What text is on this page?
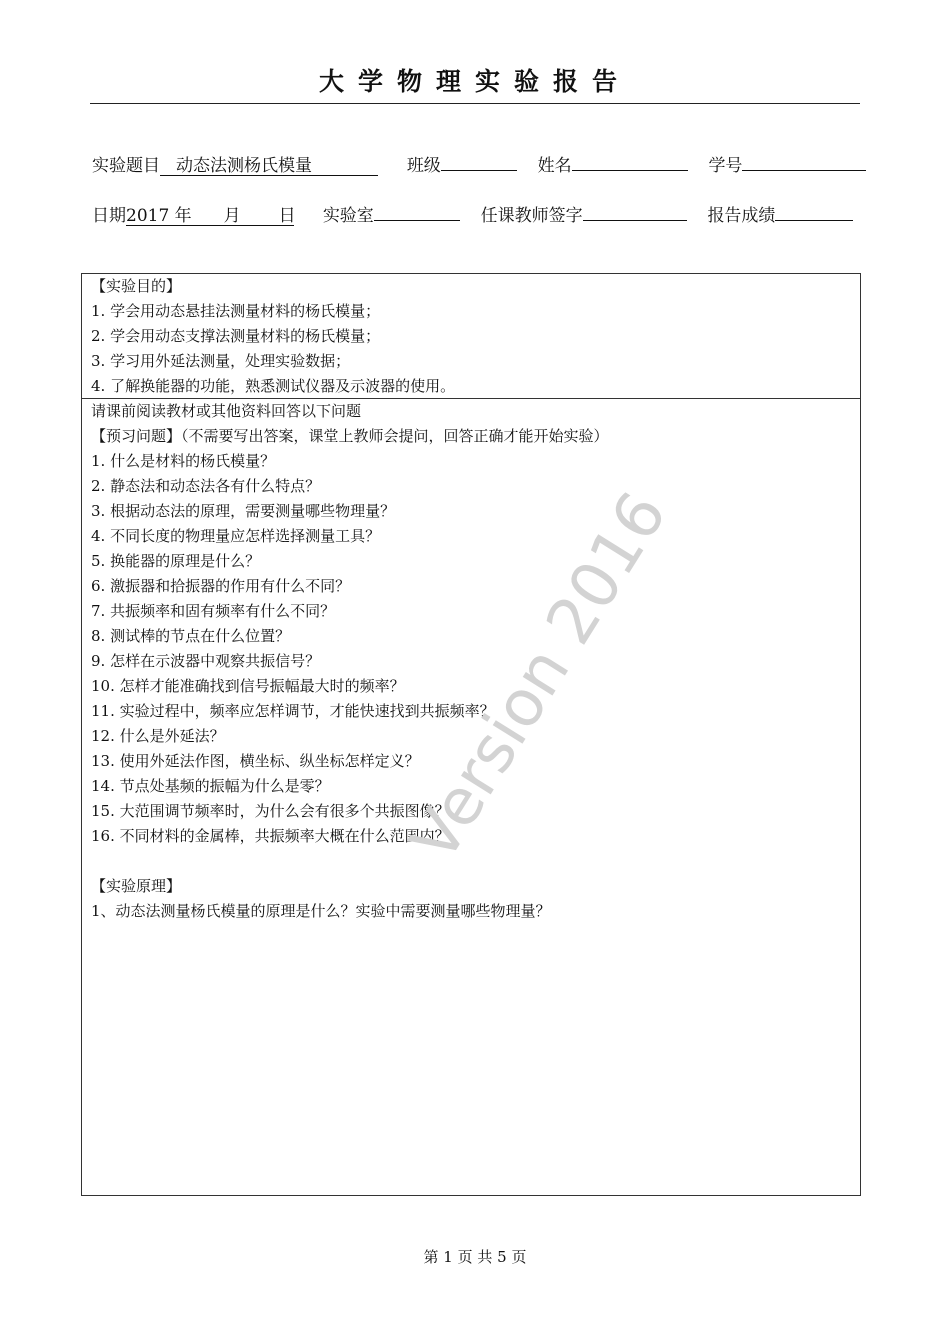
大学物理实验报告
实验题目 动态法测杨氏模量	班级	姓名	学号
日期2017 年 月 日 实验室	任课教师签字	报告成绩
【实验目的】
1. 学会用动态悬挂法测量材料的杨氏模量；
2. 学会用动态支撑法测量材料的杨氏模量；
3. 学习用外延法测量，处理实验数据；
4. 了解换能器的功能，熟悉测试仪器及示波器的使用。
请课前阅读教材或其他资料回答以下问题
【预习问题】（不需要写出答案，课堂上教师会提问，回答正确才能开始实验）
1. 什么是材料的杨氏模量？
2. 静态法和动态法各有什么特点？
3. 根据动态法的原理，需要测量哪些物理量？
4. 不同长度的物理量应怎样选择测量工具？
5. 换能器的原理是什么？
6. 激振器和拾振器的作用有什么不同？
7. 共振频率和固有频率有什么不同？
8. 测试棒的节点在什么位置？
9. 怎样在示波器中观察共振信号？
10. 怎样才能准确找到信号振幅最大时的频率？
11. 实验过程中，频率应怎样调节，才能快速找到共振频率？
12. 什么是外延法？
13. 使用外延法作图，横坐标、纵坐标怎样定义？
14. 节点处基频的振幅为什么是零？
15. 大范围调节频率时，为什么会有很多个共振图像？
16. 不同材料的金属棒，共振频率大概在什么范围内？
【实验原理】
1、动态法测量杨氏模量的原理是什么？实验中需要测量哪些物理量？
Version 2016
第 1 页 共 5 页
